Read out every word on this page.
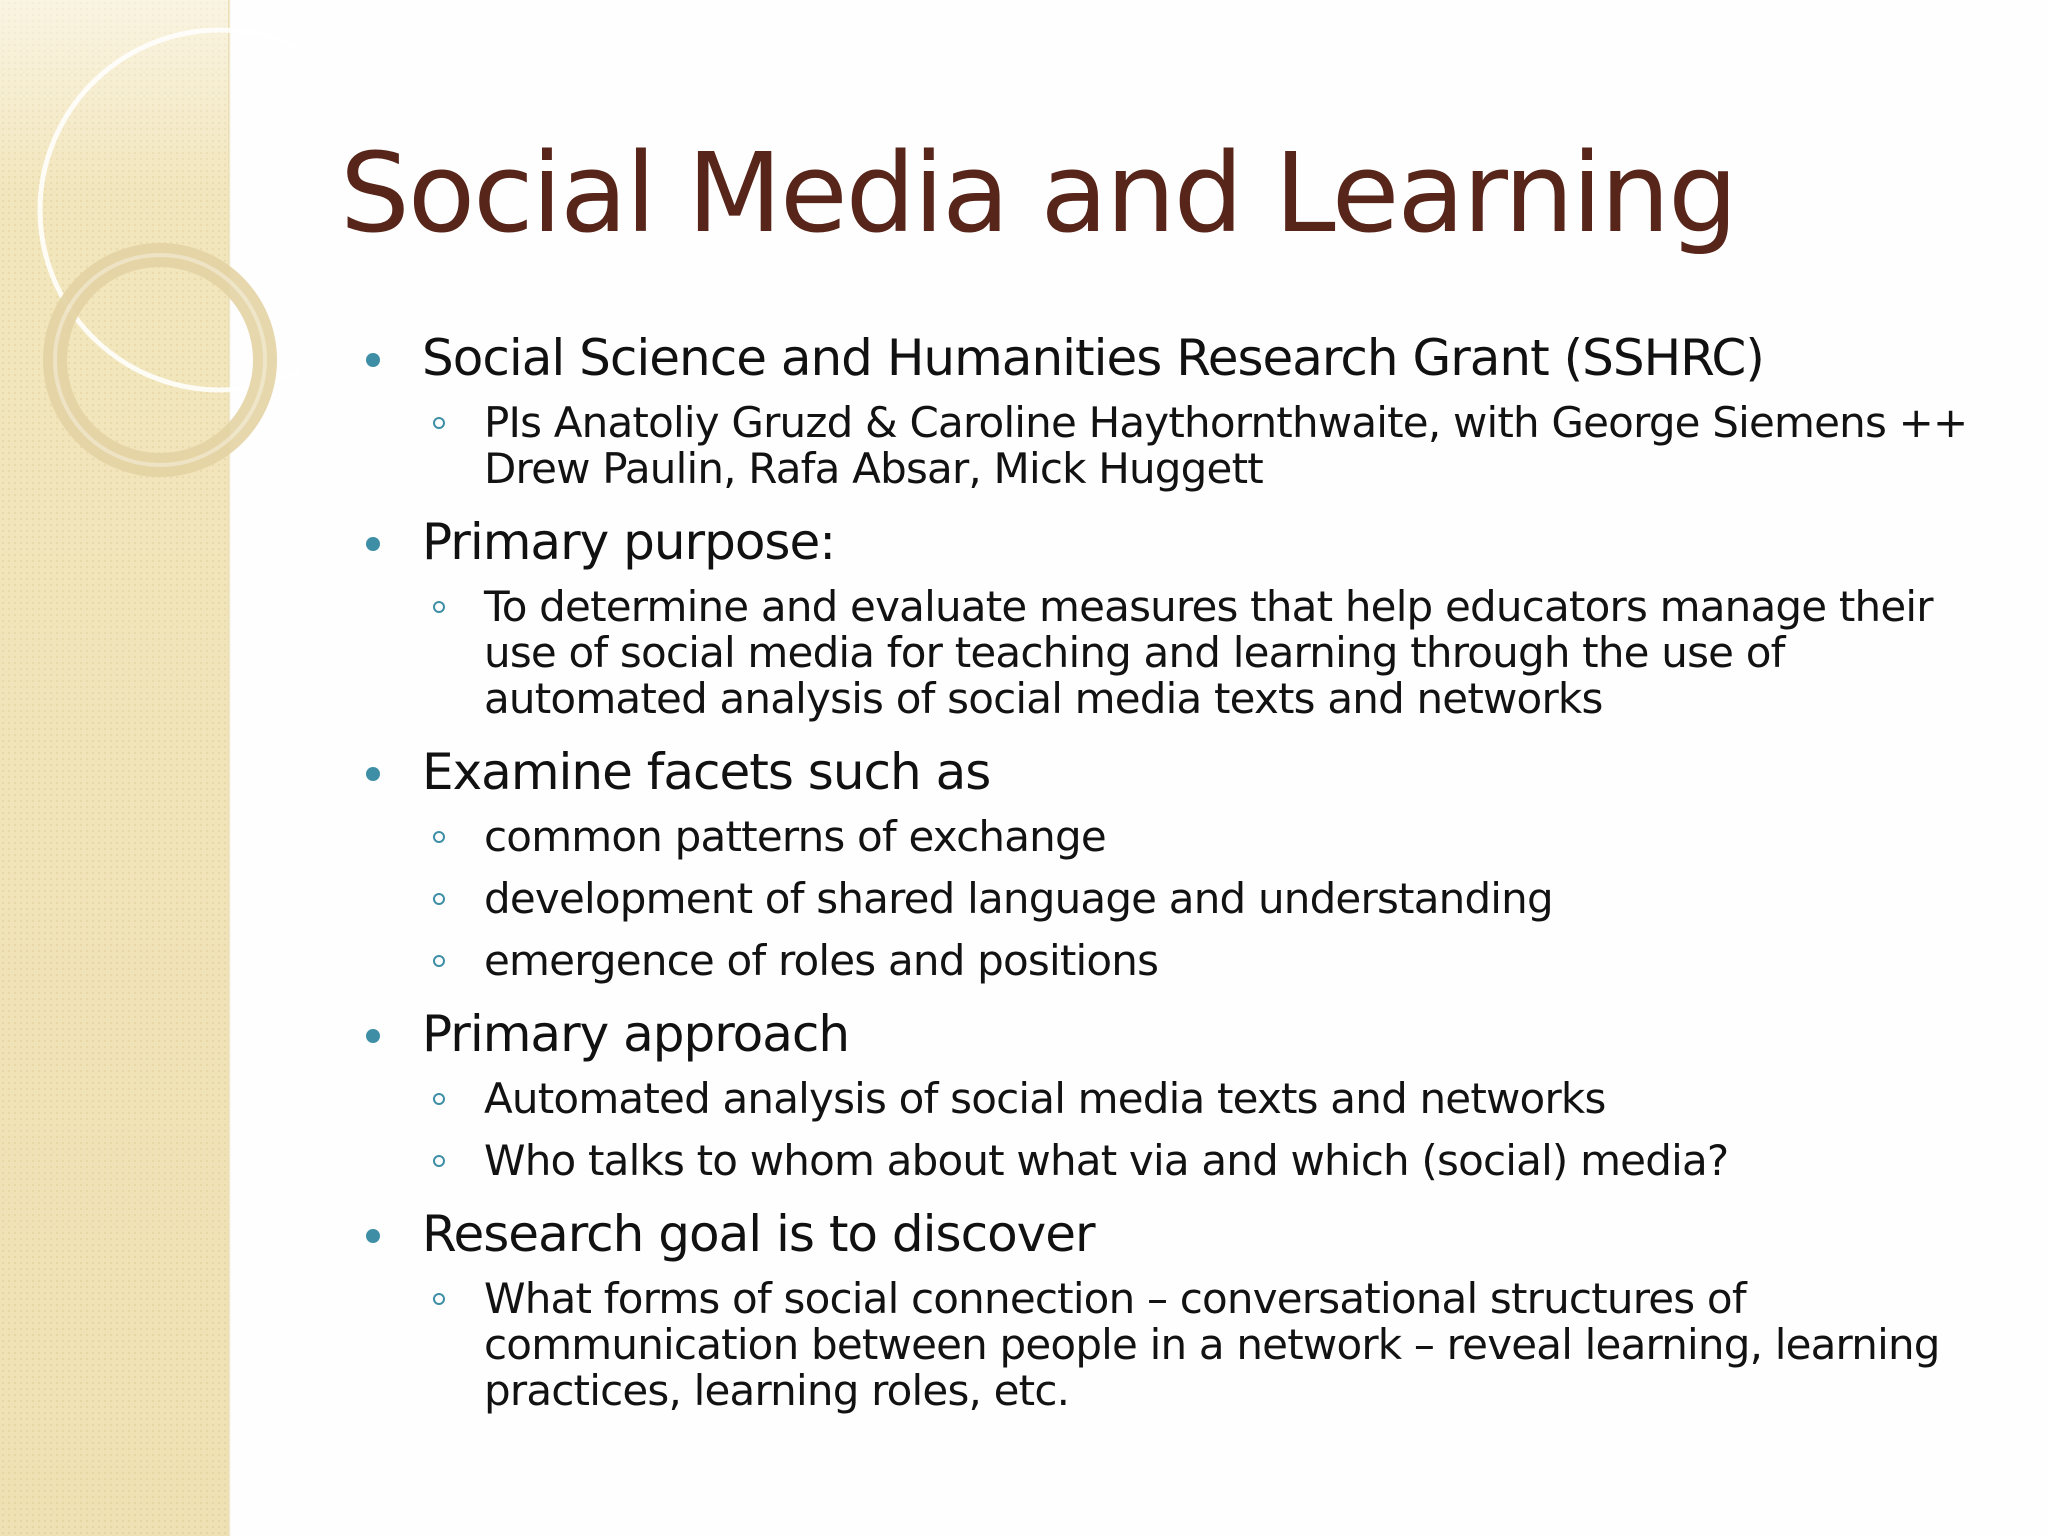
Social Media and Learning
Social Science and Humanities Research Grant (SSHRC)
PIs Anatoliy Gruzd & Caroline Haythornthwaite, with George Siemens ++ Drew Paulin, Rafa Absar, Mick Huggett
Primary purpose:
To determine and evaluate measures that help educators manage their use of social media for teaching and learning through the use of automated analysis of social media texts and networks
Examine facets such as
common patterns of exchange
development of shared language and understanding
emergence of roles and positions
Primary approach
Automated analysis of social media texts and networks
Who talks to whom about what via and which (social) media?
Research goal is to discover
What forms of social connection – conversational structures of communication between people in a network – reveal learning, learning practices, learning roles, etc.
